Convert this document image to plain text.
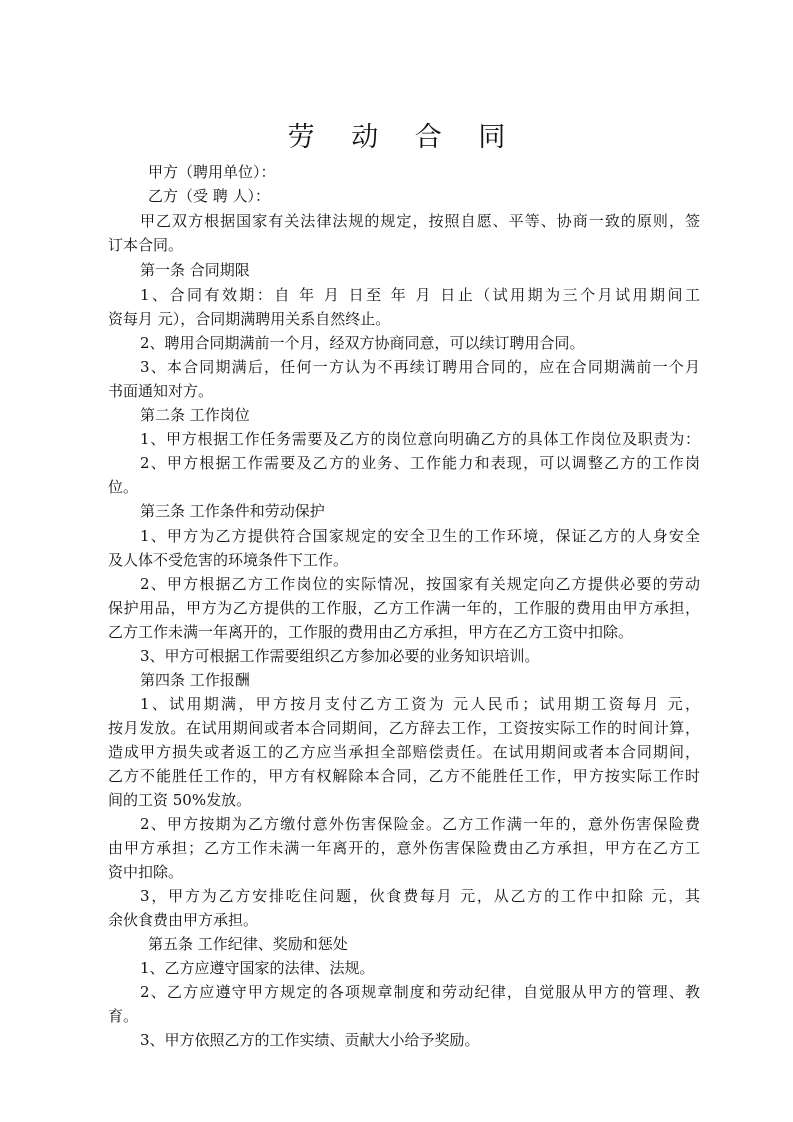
劳 动 合 同

甲方（聘用单位）：

乙方（受 聘 人）：

甲乙双方根据国家有关法律法规的规定，按照自愿、平等、协商一致的原则，签

订本合同。

第一条 合同期限

1、合同有效期：自 年 月 日至 年 月 日止（试用期为三个月试用期间工

资每月 元），合同期满聘用关系自然终止。

2、聘用合同期满前一个月，经双方协商同意，可以续订聘用合同。

3、本合同期满后，任何一方认为不再续订聘用合同的，应在合同期满前一个月

书面通知对方。

第二条 工作岗位

1、甲方根据工作任务需要及乙方的岗位意向明确乙方的具体工作岗位及职责为：

2、甲方根据工作需要及乙方的业务、工作能力和表现，可以调整乙方的工作岗

位。

第三条 工作条件和劳动保护

1、甲方为乙方提供符合国家规定的安全卫生的工作环境，保证乙方的人身安全

及人体不受危害的环境条件下工作。

2、甲方根据乙方工作岗位的实际情况，按国家有关规定向乙方提供必要的劳动

保护用品，甲方为乙方提供的工作服，乙方工作满一年的，工作服的费用由甲方承担，

乙方工作未满一年离开的，工作服的费用由乙方承担，甲方在乙方工资中扣除。

3、甲方可根据工作需要组织乙方参加必要的业务知识培训。

第四条 工作报酬

1、试用期满，甲方按月支付乙方工资为 元人民币；试用期工资每月 元，

按月发放。在试用期间或者本合同期间，乙方辞去工作，工资按实际工作的时间计算，

造成甲方损失或者返工的乙方应当承担全部赔偿责任。在试用期间或者本合同期间，

乙方不能胜任工作的，甲方有权解除本合同，乙方不能胜任工作，甲方按实际工作时

间的工资 50%发放。

2、甲方按期为乙方缴付意外伤害保险金。乙方工作满一年的，意外伤害保险费

由甲方承担；乙方工作未满一年离开的，意外伤害保险费由乙方承担，甲方在乙方工

资中扣除。

3，甲方为乙方安排吃住问题，伙食费每月 元，从乙方的工作中扣除 元，其

余伙食费由甲方承担。

第五条 工作纪律、奖励和惩处

1、乙方应遵守国家的法律、法规。

2、乙方应遵守甲方规定的各项规章制度和劳动纪律，自觉服从甲方的管理、教

育。

3、甲方依照乙方的工作实绩、贡献大小给予奖励。
